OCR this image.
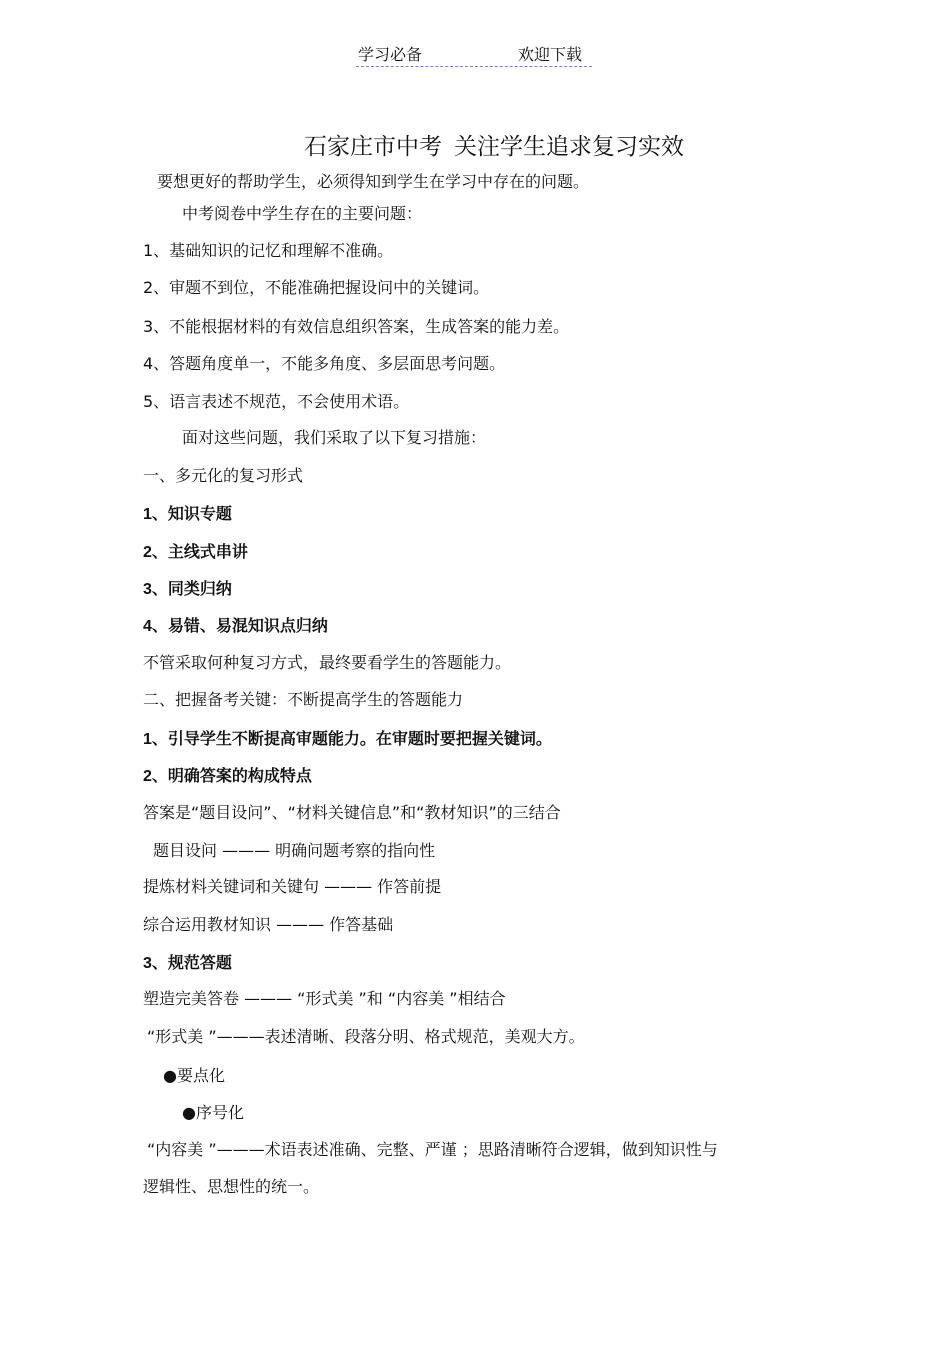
学习必备	欢迎下载
石家庄市中考 关注学生追求复习实效
要想更好的帮助学生，必须得知到学生在学习中存在的问题。
中考阅卷中学生存在的主要问题：
1、基础知识的记忆和理解不准确。
2、审题不到位，不能准确把握设问中的关键词。
3、不能根据材料的有效信息组织答案，生成答案的能力差。
4、答题角度单一，不能多角度、多层面思考问题。
5、语言表述不规范，不会使用术语。
面对这些问题，我们采取了以下复习措施：
一、多元化的复习形式
1、知识专题
2、主线式串讲
3、同类归纳
4、易错、易混知识点归纳
不管采取何种复习方式，最终要看学生的答题能力。
二、把握备考关键：不断提高学生的答题能力
1、引导学生不断提高审题能力。在审题时要把握关键词。
2、明确答案的构成特点
答案是“题目设问”、“材料关键信息”和“教材知识”的三结合
题目设问 ——— 明确问题考察的指向性
提炼材料关键词和关键句 ——— 作答前提
综合运用教材知识 ——— 作答基础
3、规范答题
塑造完美答卷 ——— “形式美 ”和 “内容美 ”相结合
“形式美 ”———表述清晰、段落分明、格式规范，美观大方。
●要点化
●序号化
“内容美 ”———术语表述准确、完整、严谨 ；思路清晰符合逻辑，做到知识性与
逻辑性、思想性的统一。
